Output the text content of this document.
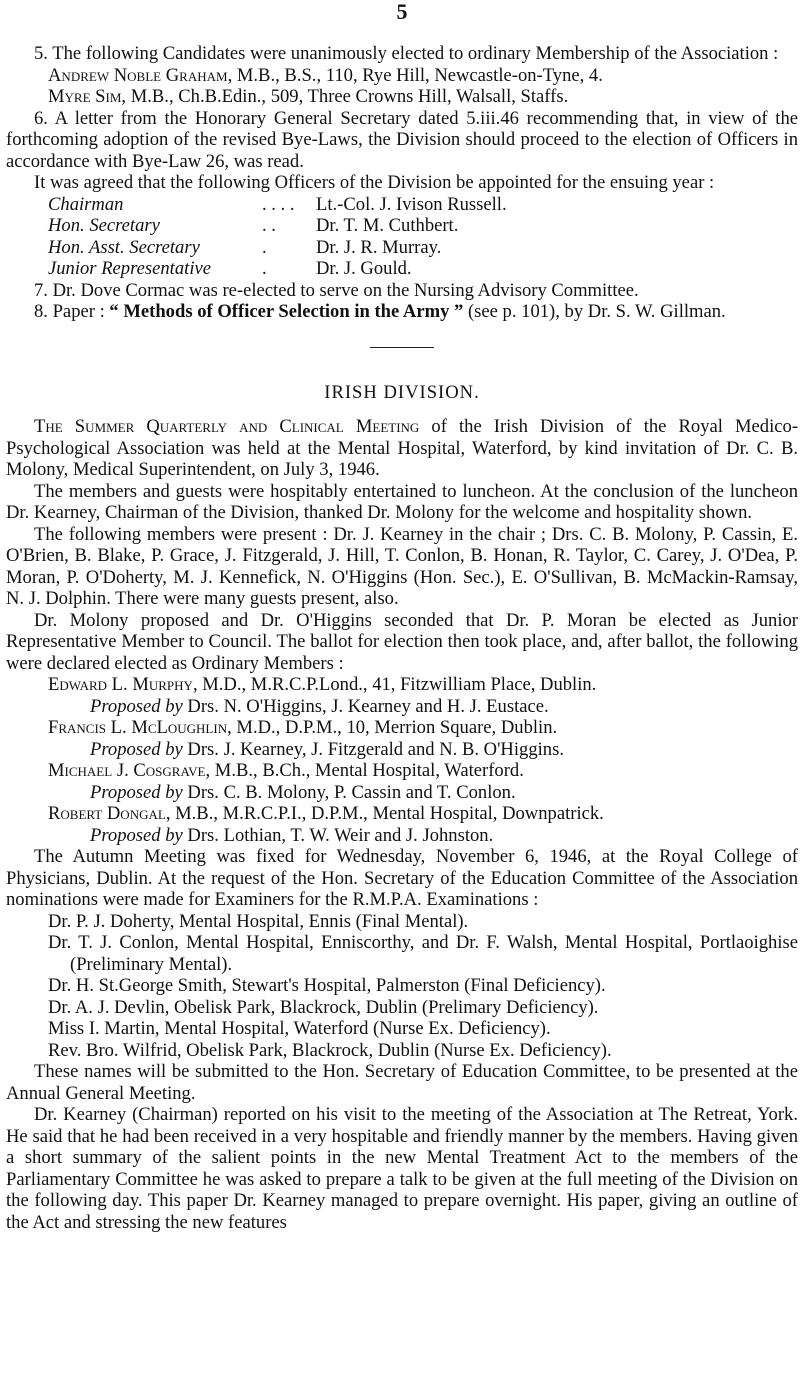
5

5. The following Candidates were unanimously elected to ordinary Membership of the Association :

Andrew Noble Graham, M.B., B.S., 110, Rye Hill, Newcastle-on-Tyne, 4.

Myre Sim, M.B., Ch.B.Edin., 509, Three Crowns Hill, Walsall, Staffs.

6. A letter from the Honorary General Secretary dated 5.iii.46 recommending that, in view of the forthcoming adoption of the revised Bye-Laws, the Division should proceed to the election of Officers in accordance with Bye-Law 26, was read.

It was agreed that the following Officers of the Division be appointed for the ensuing year :

Chairman	. . . .	Lt.-Col. J. Ivison Russell.
Hon. Secretary	. .	Dr. T. M. Cuthbert.
Hon. Asst. Secretary	.	Dr. J. R. Murray.
Junior Representative	.	Dr. J. Gould.

7. Dr. Dove Cormac was re-elected to serve on the Nursing Advisory Committee.

8. Paper : “ Methods of Officer Selection in the Army ” (see p. 101), by Dr. S. W. Gillman.

IRISH DIVISION.

The Summer Quarterly and Clinical Meeting of the Irish Division of the Royal Medico-Psychological Association was held at the Mental Hospital, Waterford, by kind invitation of Dr. C. B. Molony, Medical Superintendent, on July 3, 1946.

The members and guests were hospitably entertained to luncheon. At the conclusion of the luncheon Dr. Kearney, Chairman of the Division, thanked Dr. Molony for the welcome and hospitality shown.

The following members were present : Dr. J. Kearney in the chair ; Drs. C. B. Molony, P. Cassin, E. O'Brien, B. Blake, P. Grace, J. Fitzgerald, J. Hill, T. Conlon, B. Honan, R. Taylor, C. Carey, J. O'Dea, P. Moran, P. O'Doherty, M. J. Kennefick, N. O'Higgins (Hon. Sec.), E. O'Sullivan, B. McMackin-Ramsay, N. J. Dolphin. There were many guests present, also.

Dr. Molony proposed and Dr. O'Higgins seconded that Dr. P. Moran be elected as Junior Representative Member to Council. The ballot for election then took place, and, after ballot, the following were declared elected as Ordinary Members :

Edward L. Murphy, M.D., M.R.C.P.Lond., 41, Fitzwilliam Place, Dublin.

Proposed by Drs. N. O'Higgins, J. Kearney and H. J. Eustace.

Francis L. McLoughlin, M.D., D.P.M., 10, Merrion Square, Dublin.

Proposed by Drs. J. Kearney, J. Fitzgerald and N. B. O'Higgins.

Michael J. Cosgrave, M.B., B.Ch., Mental Hospital, Waterford.

Proposed by Drs. C. B. Molony, P. Cassin and T. Conlon.

Robert Dongal, M.B., M.R.C.P.I., D.P.M., Mental Hospital, Downpatrick.

Proposed by Drs. Lothian, T. W. Weir and J. Johnston.

The Autumn Meeting was fixed for Wednesday, November 6, 1946, at the Royal College of Physicians, Dublin. At the request of the Hon. Secretary of the Education Committee of the Association nominations were made for Examiners for the R.M.P.A. Examinations :

Dr. P. J. Doherty, Mental Hospital, Ennis (Final Mental).

Dr. T. J. Conlon, Mental Hospital, Enniscorthy, and Dr. F. Walsh, Mental Hospital, Portlaoighise (Preliminary Mental).

Dr. H. St.George Smith, Stewart's Hospital, Palmerston (Final Deficiency).

Dr. A. J. Devlin, Obelisk Park, Blackrock, Dublin (Prelimary Deficiency).

Miss I. Martin, Mental Hospital, Waterford (Nurse Ex. Deficiency).

Rev. Bro. Wilfrid, Obelisk Park, Blackrock, Dublin (Nurse Ex. Deficiency).

These names will be submitted to the Hon. Secretary of Education Committee, to be presented at the Annual General Meeting.

Dr. Kearney (Chairman) reported on his visit to the meeting of the Association at The Retreat, York. He said that he had been received in a very hospitable and friendly manner by the members. Having given a short summary of the salient points in the new Mental Treatment Act to the members of the Parliamentary Committee he was asked to prepare a talk to be given at the full meeting of the Division on the following day. This paper Dr. Kearney managed to prepare overnight. His paper, giving an outline of the Act and stressing the new features
